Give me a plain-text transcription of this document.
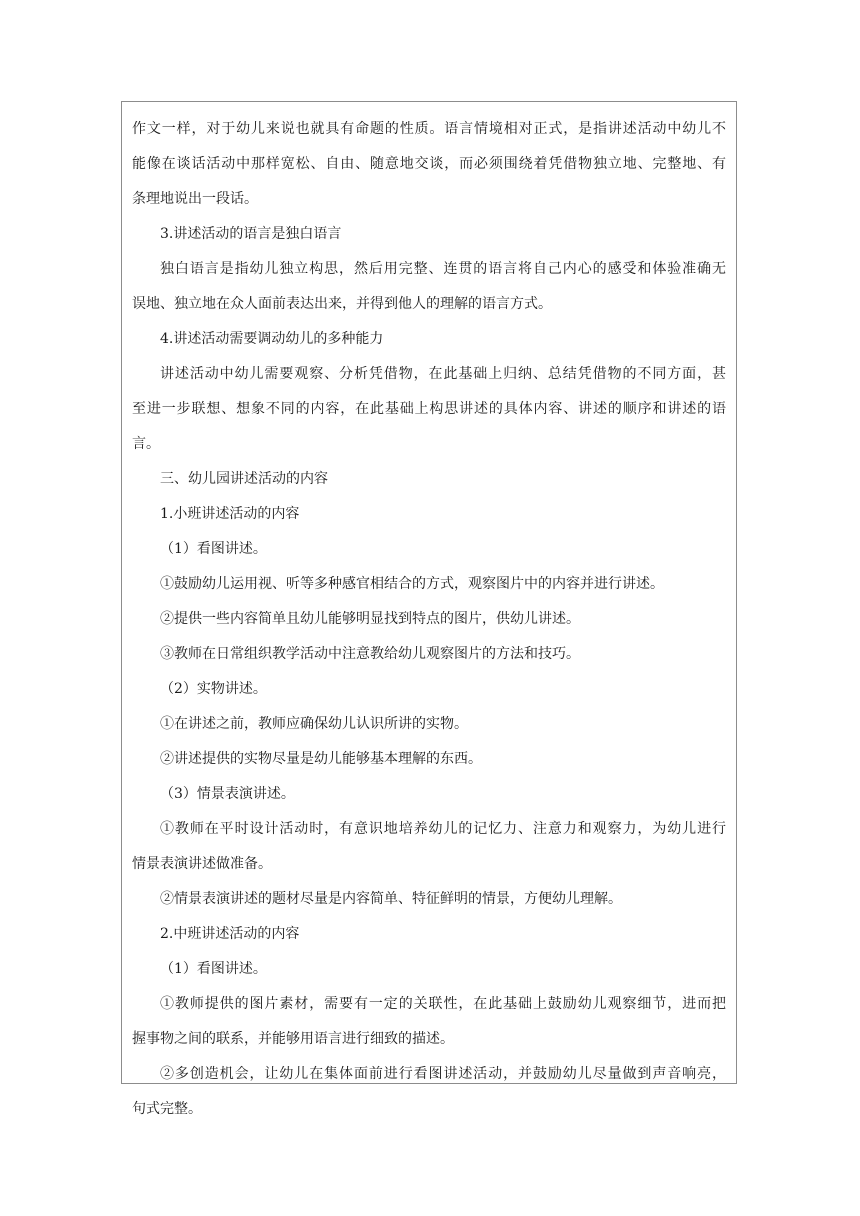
作文一样，对于幼儿来说也就具有命题的性质。语言情境相对正式，是指讲述活动中幼儿不
能像在谈话活动中那样宽松、自由、随意地交谈，而必须围绕着凭借物独立地、完整地、有
条理地说出一段话。
3.讲述活动的语言是独白语言
独白语言是指幼儿独立构思，然后用完整、连贯的语言将自己内心的感受和体验准确无
误地、独立地在众人面前表达出来，并得到他人的理解的语言方式。
4.讲述活动需要调动幼儿的多种能力
讲述活动中幼儿需要观察、分析凭借物，在此基础上归纳、总结凭借物的不同方面，甚
至进一步联想、想象不同的内容，在此基础上构思讲述的具体内容、讲述的顺序和讲述的语
言。
三、幼儿园讲述活动的内容
1.小班讲述活动的内容
（1）看图讲述。
①鼓励幼儿运用视、听等多种感官相结合的方式，观察图片中的内容并进行讲述。
②提供一些内容简单且幼儿能够明显找到特点的图片，供幼儿讲述。
③教师在日常组织教学活动中注意教给幼儿观察图片的方法和技巧。
（2）实物讲述。
①在讲述之前，教师应确保幼儿认识所讲的实物。
②讲述提供的实物尽量是幼儿能够基本理解的东西。
（3）情景表演讲述。
①教师在平时设计活动时，有意识地培养幼儿的记忆力、注意力和观察力，为幼儿进行
情景表演讲述做准备。
②情景表演讲述的题材尽量是内容简单、特征鲜明的情景，方便幼儿理解。
2.中班讲述活动的内容
（1）看图讲述。
①教师提供的图片素材，需要有一定的关联性，在此基础上鼓励幼儿观察细节，进而把
握事物之间的联系，并能够用语言进行细致的描述。
②多创造机会，让幼儿在集体面前进行看图讲述活动，并鼓励幼儿尽量做到声音响亮，
句式完整。
